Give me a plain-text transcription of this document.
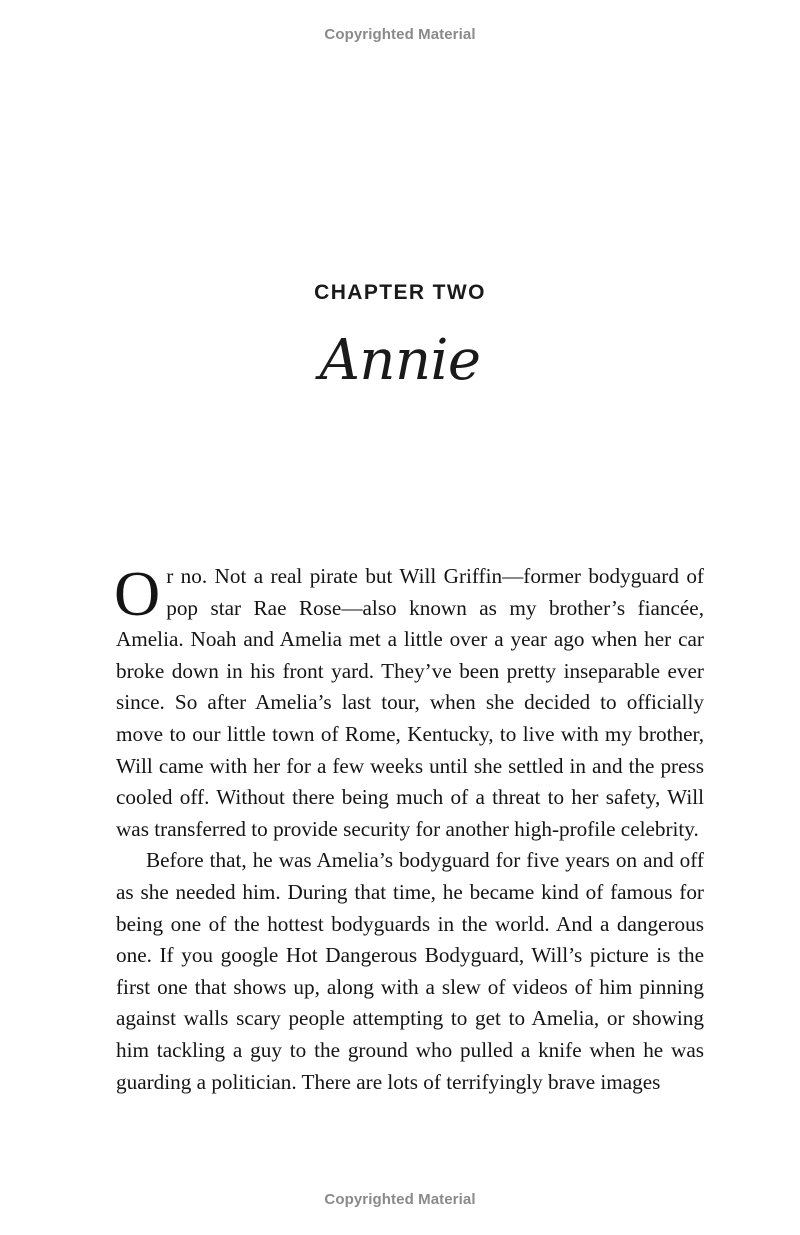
Copyrighted Material
CHAPTER TWO
Annie

Or no. Not a real pirate but Will Griffin—former bodyguard of pop star Rae Rose—also known as my brother’s fiancée, Amelia. Noah and Amelia met a little over a year ago when her car broke down in his front yard. They’ve been pretty inseparable ever since. So after Amelia’s last tour, when she decided to officially move to our little town of Rome, Kentucky, to live with my brother, Will came with her for a few weeks until she settled in and the press cooled off. Without there being much of a threat to her safety, Will was transferred to provide security for another high-profile celebrity.

Before that, he was Amelia’s bodyguard for five years on and off as she needed him. During that time, he became kind of famous for being one of the hottest bodyguards in the world. And a dangerous one. If you google Hot Dangerous Bodyguard, Will’s picture is the first one that shows up, along with a slew of videos of him pinning against walls scary people attempting to get to Amelia, or showing him tackling a guy to the ground who pulled a knife when he was guarding a politician. There are lots of terrifyingly brave images

Copyrighted Material
